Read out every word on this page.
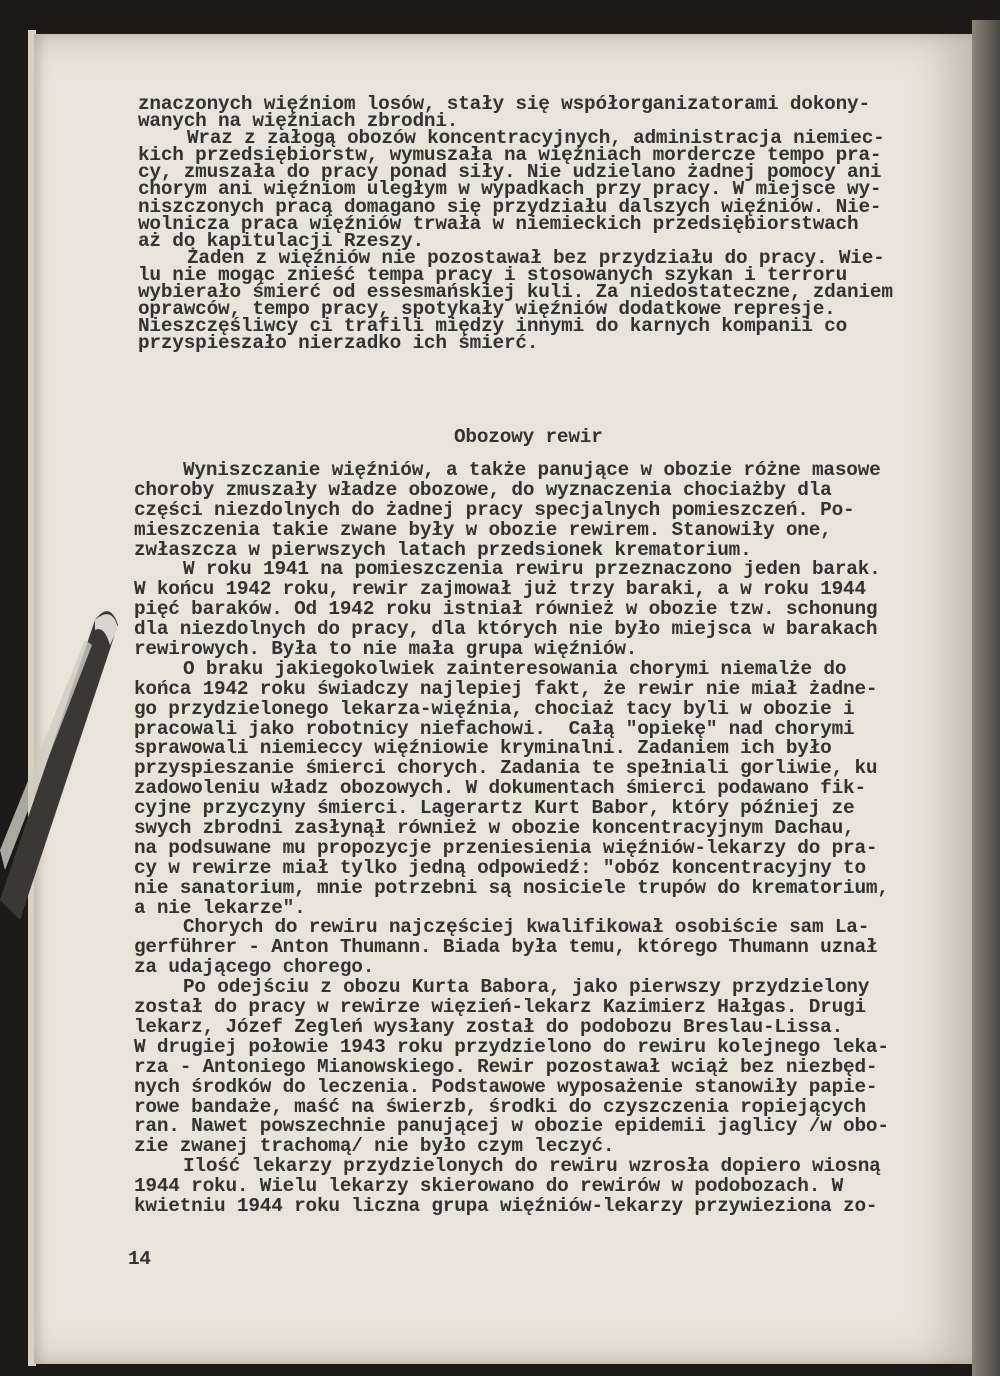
znaczonych więźniom losów, stały się współorganizatorami dokony-
wanych na więźniach zbrodni.
Wraz z załogą obozów koncentracyjnych, administracja niemiec-
kich przedsiębiorstw, wymuszała na więźniach mordercze tempo pra-
cy, zmuszała do pracy ponad siły. Nie udzielano żadnej pomocy ani
chorym ani więźniom uległym w wypadkach przy pracy. W miejsce wy-
niszczonych pracą domagano się przydziału dalszych więźniów. Nie-
wolnicza praca więźniów trwała w niemieckich przedsiębiorstwach
aż do kapitulacji Rzeszy.
Żaden z więźniów nie pozostawał bez przydziału do pracy. Wie-
lu nie mogąc znieść tempa pracy i stosowanych szykan i terroru
wybierało śmierć od essesmańskiej kuli. Za niedostateczne, zdaniem
oprawców, tempo pracy, spotykały więźniów dodatkowe represje.
Nieszczęśliwcy ci trafili między innymi do karnych kompanii co
przyspieszało nierzadko ich śmierć.
Obozowy rewir
Wyniszczanie więźniów, a także panujące w obozie różne masowe
choroby zmuszały władze obozowe, do wyznaczenia chociażby dla
części niezdolnych do żadnej pracy specjalnych pomieszczeń. Po-
mieszczenia takie zwane były w obozie rewirem. Stanowiły one,
zwłaszcza w pierwszych latach przedsionek krematorium.
W roku 1941 na pomieszczenia rewiru przeznaczono jeden barak.
W końcu 1942 roku, rewir zajmował już trzy baraki, a w roku 1944
pięć baraków. Od 1942 roku istniał również w obozie tzw. schonung
dla niezdolnych do pracy, dla których nie było miejsca w barakach
rewirowych. Była to nie mała grupa więźniów.
O braku jakiegokolwiek zainteresowania chorymi niemalże do
końca 1942 roku świadczy najlepiej fakt, że rewir nie miał żadne-
go przydzielonego lekarza-więźnia, chociaż tacy byli w obozie i
pracowali jako robotnicy niefachowi.  Całą "opiekę" nad chorymi
sprawowali niemieccy więźniowie kryminalni. Zadaniem ich było
przyspieszanie śmierci chorych. Zadania te spełniali gorliwie, ku
zadowoleniu władz obozowych. W dokumentach śmierci podawano fik-
cyjne przyczyny śmierci. Lagerartz Kurt Babor, który później ze
swych zbrodni zasłynął również w obozie koncentracyjnym Dachau,
na podsuwane mu propozycje przeniesienia więźniów-lekarzy do pra-
cy w rewirze miał tylko jedną odpowiedź: "obóz koncentracyjny to
nie sanatorium, mnie potrzebni są nosiciele trupów do krematorium,
a nie lekarze".
Chorych do rewiru najczęściej kwalifikował osobiście sam La-
gerführer - Anton Thumann. Biada była temu, którego Thumann uznał
za udającego chorego.
Po odejściu z obozu Kurta Babora, jako pierwszy przydzielony
został do pracy w rewirze więzień-lekarz Kazimierz Hałgas. Drugi
lekarz, Józef Zegleń wysłany został do podobozu Breslau-Lissa.
W drugiej połowie 1943 roku przydzielono do rewiru kolejnego leka-
rza - Antoniego Mianowskiego. Rewir pozostawał wciąż bez niezbęd-
nych środków do leczenia. Podstawowe wyposażenie stanowiły papie-
rowe bandaże, maść na świerzb, środki do czyszczenia ropiejących
ran. Nawet powszechnie panującej w obozie epidemii jaglicy /w obo-
zie zwanej trachomą/ nie było czym leczyć.
Ilość lekarzy przydzielonych do rewiru wzrosła dopiero wiosną
1944 roku. Wielu lekarzy skierowano do rewirów w podobozach. W
kwietniu 1944 roku liczna grupa więźniów-lekarzy przywieziona zo-
14
